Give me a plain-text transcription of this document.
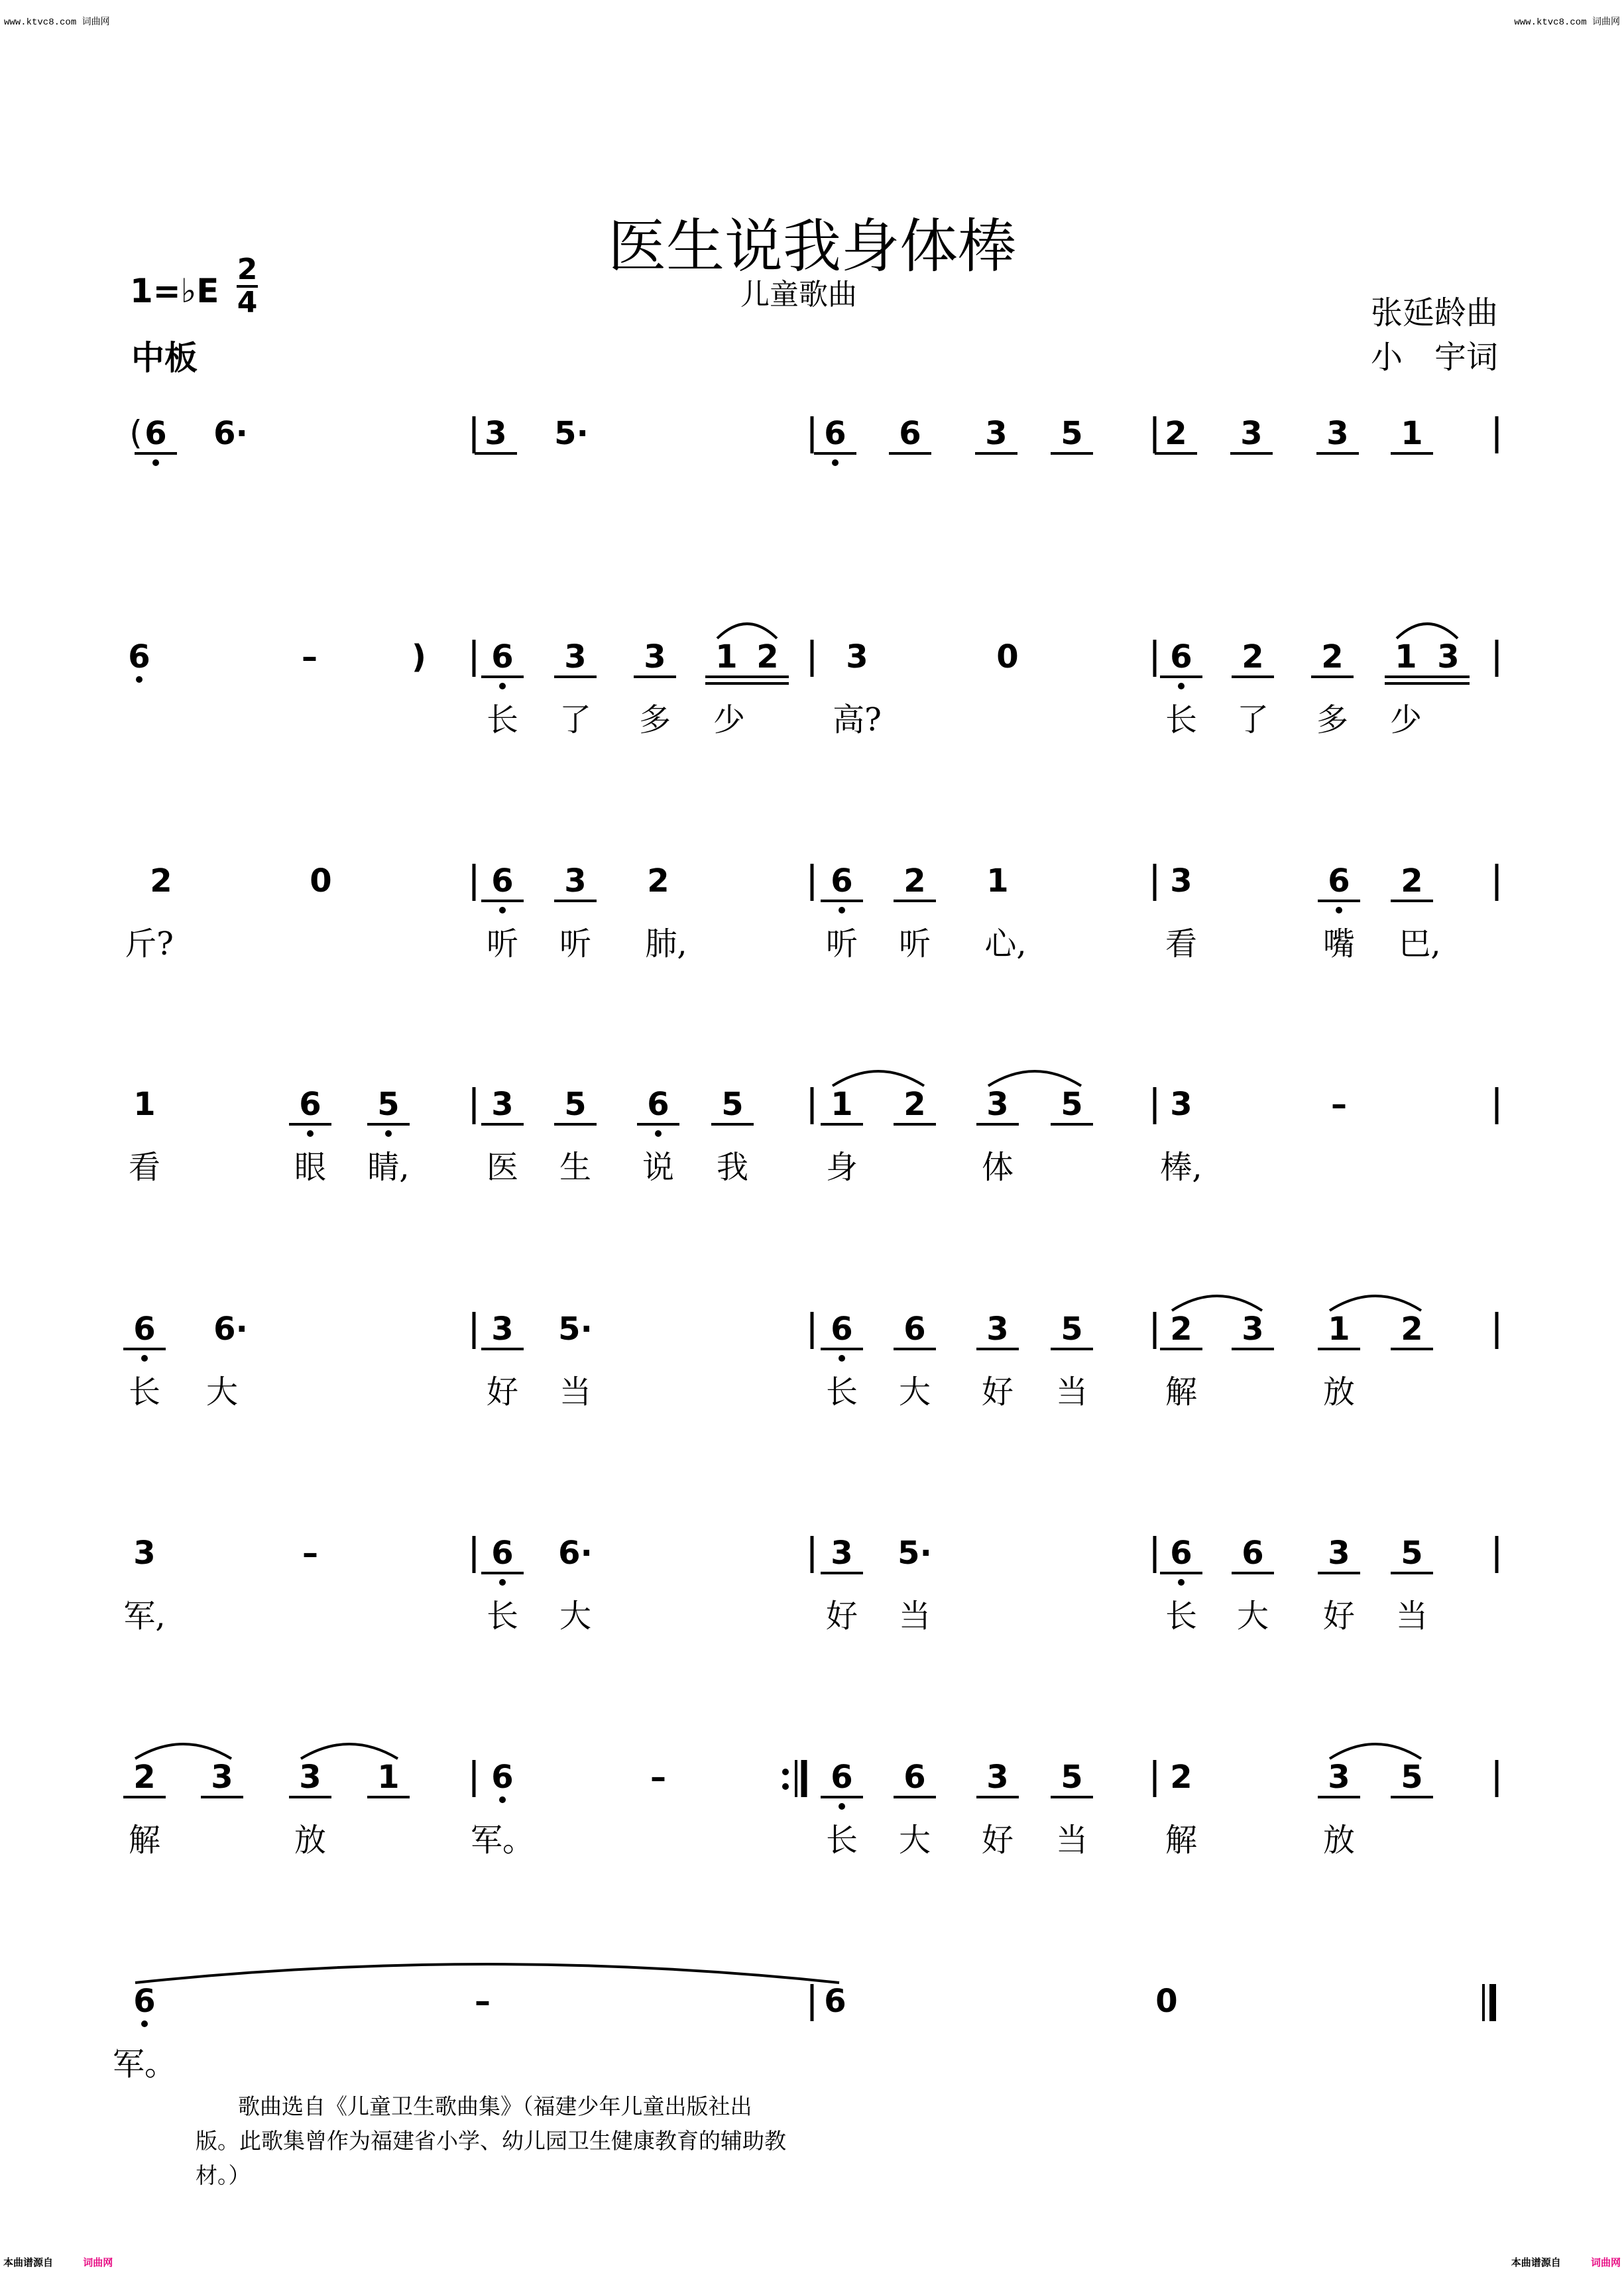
www.ktvc8.com 词曲网	www.ktvc8.com 词曲网
医生说我身体棒
儿童歌曲
1=♭E
2
4
中板
张延龄曲
小　宇词
( 6 6·	3 5·	6 6 3 5	2 3 3 1
6	–	) 6 3 3 1 2 3	0	6 2 2 1 3
长 了 多 少	高?	长 了 多 少
2	0	6 3 2	6 2 1	3	6 2
斤?	听 听 肺,	听 听 心,	看	嘴 巴,
1	6 5	3 5 6 5	1 2 3 5	3	–
看	眼 睛, 医 生 说 我 身	体	棒,
6 6·	3 5·	6 6 3 5	2 3 1 2
长 大	好 当	长 大 好 当 解	放
3	–	6 6·	3 5·	6 6 3 5
军,	长 大	好 当	长 大 好 当
2 3 3 1	6	–	6 6 3 5	2	3 5
解	放	军。	长 大 好 当 解	放
6	–	6	0
军。
歌曲选自《儿童卫生歌曲集》（福建少年儿童出版社出版。此歌集曾作为福建省小学、幼儿园卫生健康教育的辅助教材。）
本曲谱源自	词曲网	本曲谱源自	词曲网
